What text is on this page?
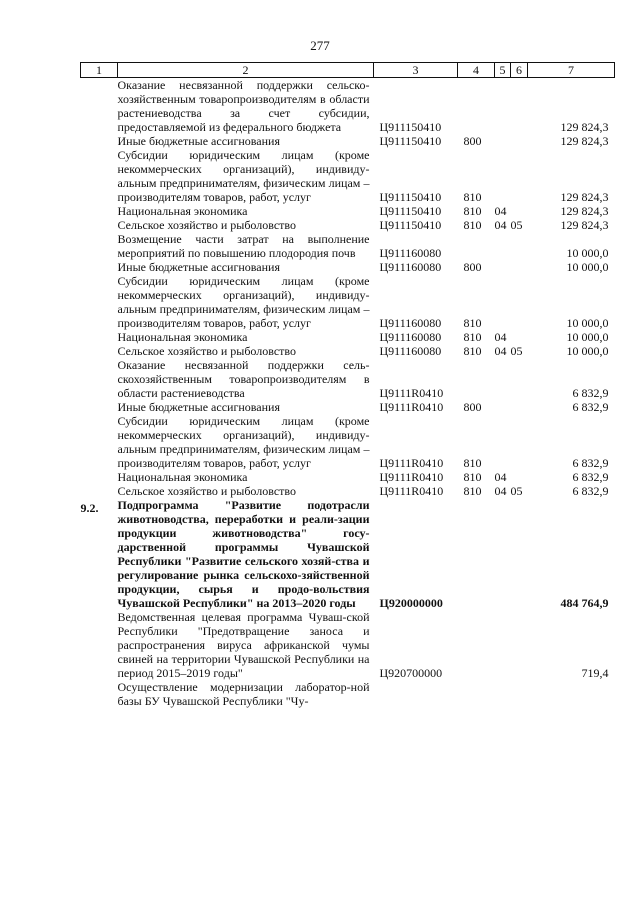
277
1	2	3	4	5	6	7
	Оказание несвязанной поддержки сельско-хозяйственным товаропроизводителям в области растениеводства за счет субсидии, предоставляемой из федерального бюджета	Ц911150410				129 824,3
	Иные бюджетные ассигнования	Ц911150410	800			129 824,3
	Субсидии юридическим лицам (кроме некоммерческих организаций), индивиду-альным предпринимателям, физическим лицам – производителям товаров, работ, услуг	Ц911150410	810			129 824,3
	Национальная экономика	Ц911150410	810	04		129 824,3
	Сельское хозяйство и рыболовство	Ц911150410	810	04	05	129 824,3
	Возмещение части затрат на выполнение мероприятий по повышению плодородия почв	Ц911160080				10 000,0
	Иные бюджетные ассигнования	Ц911160080	800			10 000,0
	Субсидии юридическим лицам (кроме некоммерческих организаций), индивиду-альным предпринимателям, физическим лицам – производителям товаров, работ, услуг	Ц911160080	810			10 000,0
	Национальная экономика	Ц911160080	810	04		10 000,0
	Сельское хозяйство и рыболовство	Ц911160080	810	04	05	10 000,0
	Оказание несвязанной поддержки сель-скохозяйственным товаропроизводителям в области растениеводства	Ц9111R0410				6 832,9
	Иные бюджетные ассигнования	Ц9111R0410	800			6 832,9
	Субсидии юридическим лицам (кроме некоммерческих организаций), индивиду-альным предпринимателям, физическим лицам – производителям товаров, работ, услуг	Ц9111R0410	810			6 832,9
	Национальная экономика	Ц9111R0410	810	04		6 832,9
	Сельское хозяйство и рыболовство	Ц9111R0410	810	04	05	6 832,9
9.2.	Подпрограмма "Развитие подотрасли животноводства, переработки и реали-зации продукции животноводства" госу-дарственной программы Чувашской Республики "Развитие сельского хозяй-ства и регулирование рынка сельскохо-зяйственной продукции, сырья и продо-вольствия Чувашской Республики" на 2013–2020 годы	Ц920000000				484 764,9
	Ведомственная целевая программа Чуваш-ской Республики "Предотвращение заноса и распространения вируса африканской чумы свиней на территории Чувашской Республики на период 2015–2019 годы"	Ц920700000				719,4
	Осуществление модернизации лаборатор-ной базы БУ Чувашской Республики "Чу-					
